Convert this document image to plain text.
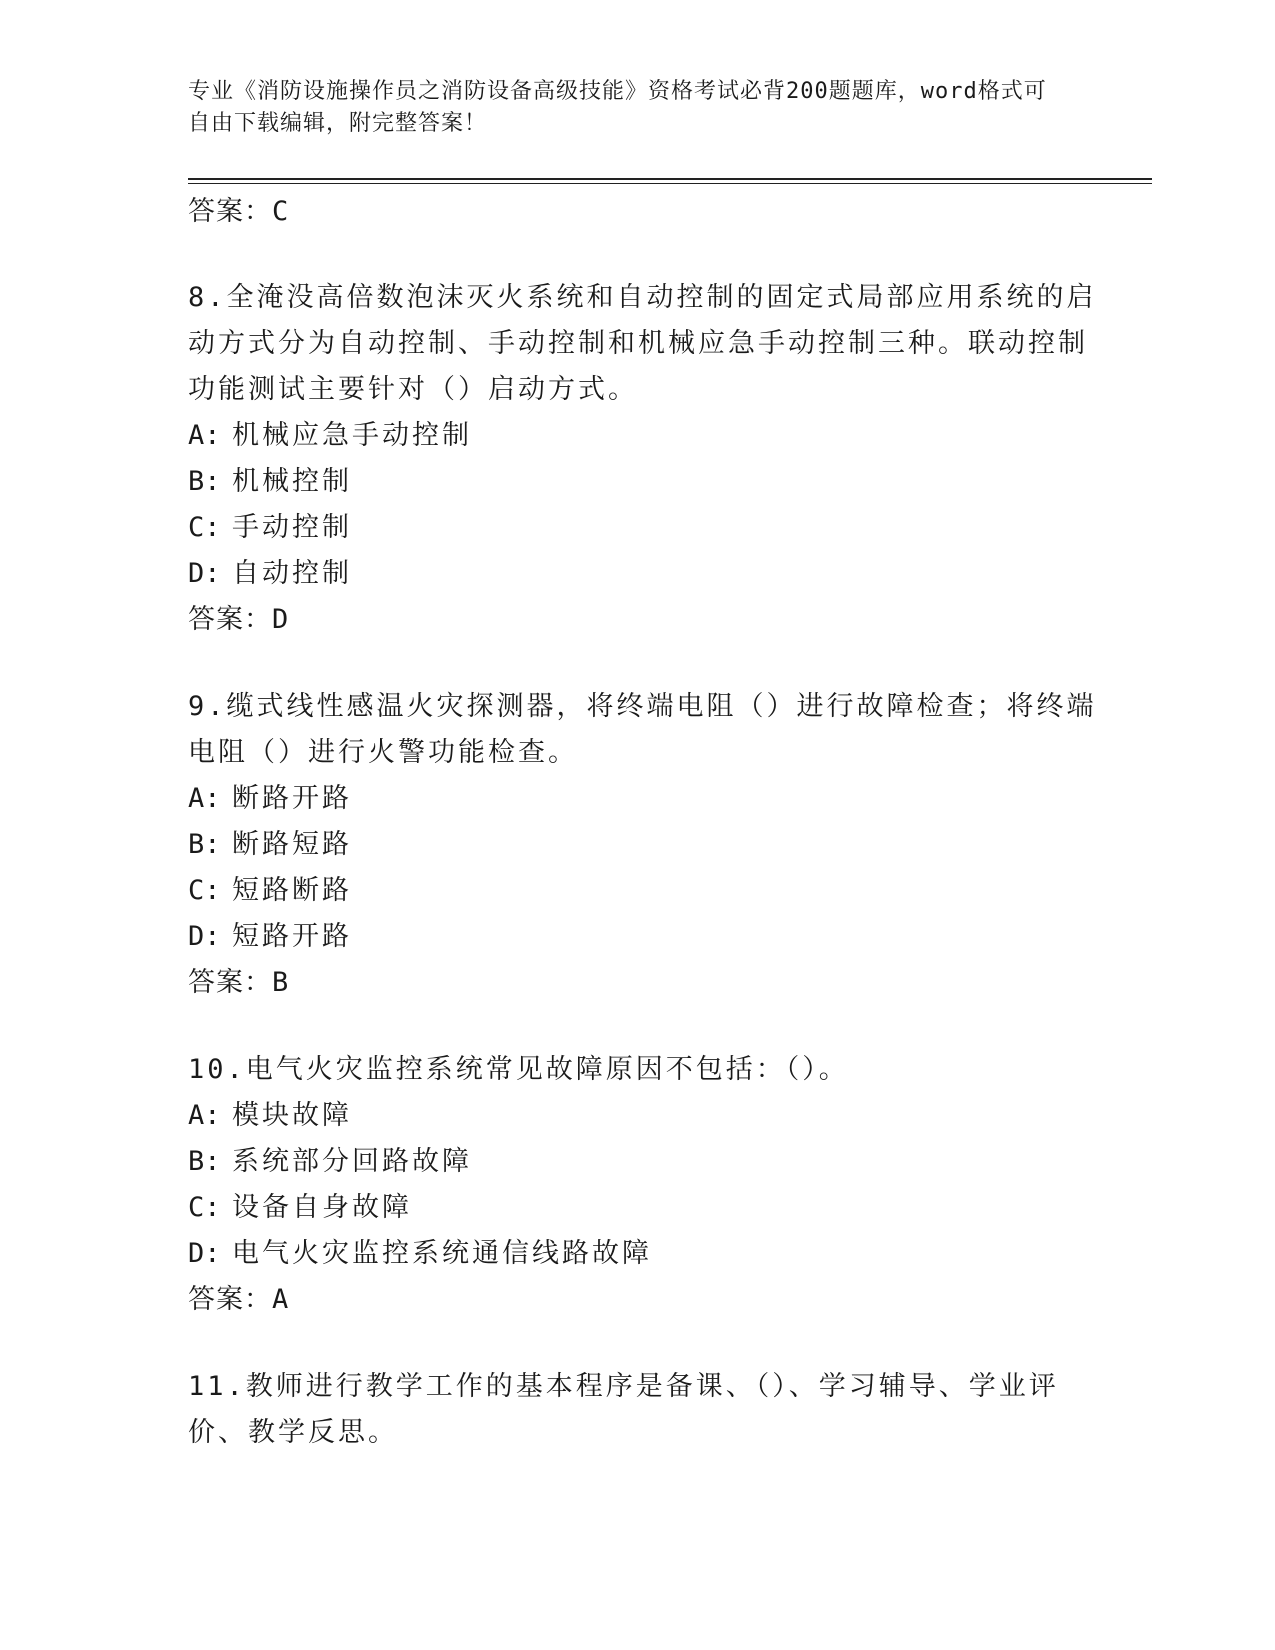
专业《消防设施操作员之消防设备高级技能》资格考试必背200题题库，word格式可自由下载编辑，附完整答案！
答案：C
8.全淹没高倍数泡沫灭火系统和自动控制的固定式局部应用系统的启动方式分为自动控制、手动控制和机械应急手动控制三种。联动控制功能测试主要针对（）启动方式。
A: 机械应急手动控制
B: 机械控制
C: 手动控制
D: 自动控制
答案：D
9.缆式线性感温火灾探测器，将终端电阻（）进行故障检查；将终端电阻（）进行火警功能检查。
A: 断路开路
B: 断路短路
C: 短路断路
D: 短路开路
答案：B
10.电气火灾监控系统常见故障原因不包括：（）。
A: 模块故障
B: 系统部分回路故障
C: 设备自身故障
D: 电气火灾监控系统通信线路故障
答案：A
11.教师进行教学工作的基本程序是备课、（）、学习辅导、学业评价、教学反思。
